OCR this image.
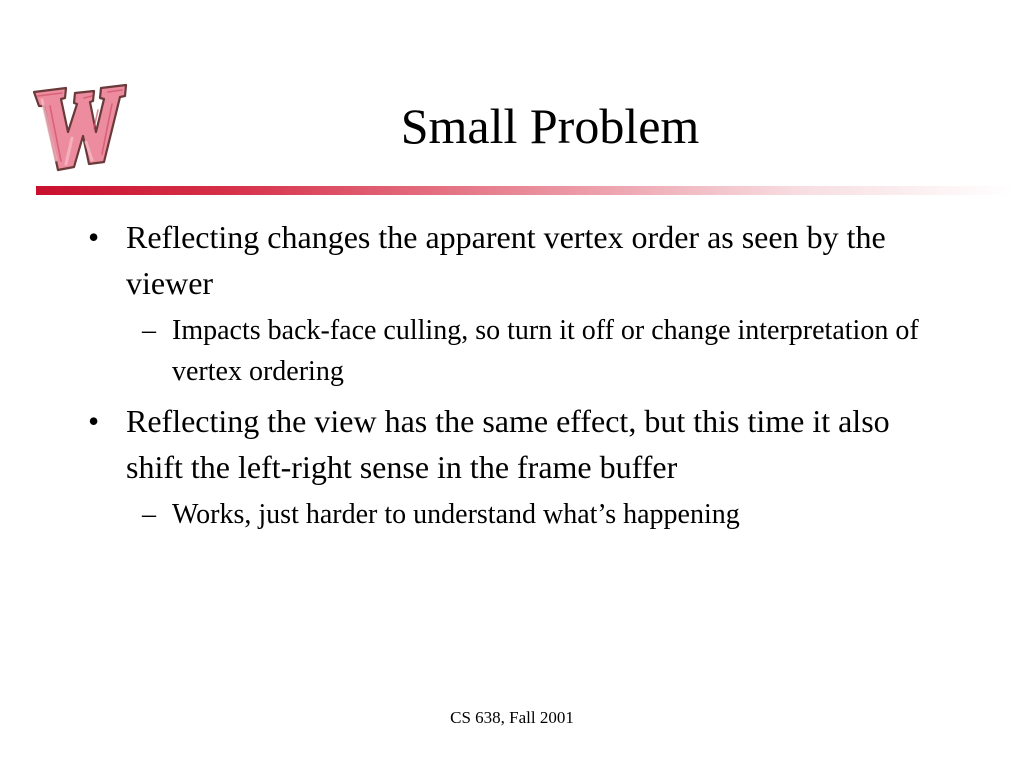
Small Problem
• Reflecting changes the apparent vertex order as seen by the viewer
– Impacts back-face culling, so turn it off or change interpretation of vertex ordering
• Reflecting the view has the same effect, but this time it also shift the left-right sense in the frame buffer
– Works, just harder to understand what’s happening
CS 638, Fall 2001
